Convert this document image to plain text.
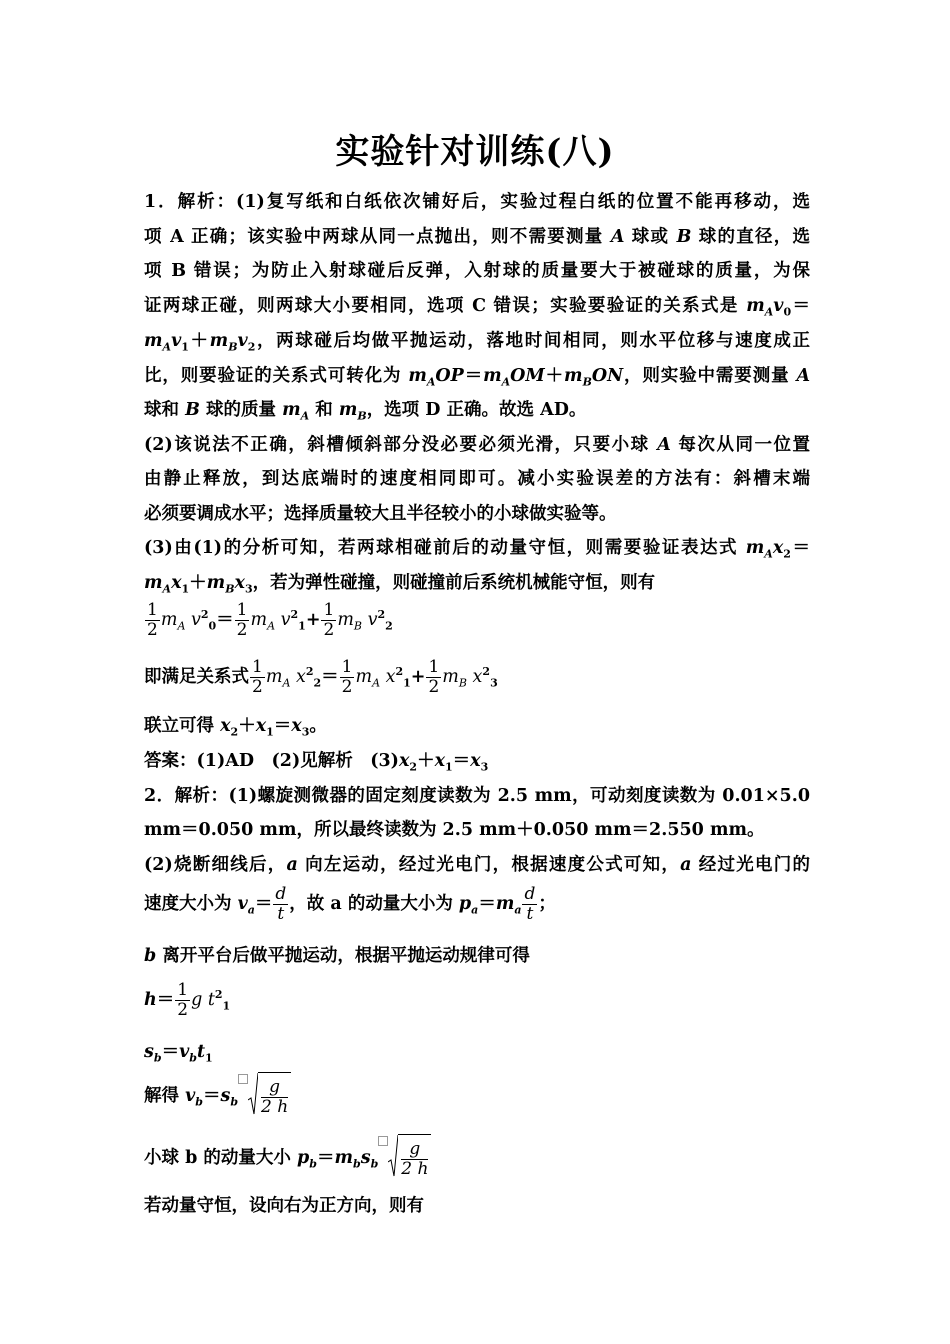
实验针对训练(八)
1．解析：(1)复写纸和白纸依次铺好后，实验过程白纸的位置不能再移动，选
项 A 正确；该实验中两球从同一点抛出，则不需要测量 A 球或 B 球的直径，选
项 B 错误；为防止入射球碰后反弹，入射球的质量要大于被碰球的质量，为保
证两球正碰，则两球大小要相同，选项 C 错误；实验要验证的关系式是 $m_Av_0=$
$m_Av_1+m_Bv_2$，两球碰后均做平抛运动，落地时间相同，则水平位移与速度成正
比，则要验证的关系式可转化为 $m_AOP=m_AOM+m_BON$，则实验中需要测量 A
球和 B 球的质量 $m_A$ 和 $m_B$，选项 D 正确。故选 AD。
(2)该说法不正确，斜槽倾斜部分没必要必须光滑，只要小球 A 每次从同一位置
由静止释放，到达底端时的速度相同即可。减小实验误差的方法有：斜槽末端
必须要调成水平；选择质量较大且半径较小的小球做实验等。
(3)由(1)的分析可知，若两球相碰前后的动量守恒，则需要验证表达式 $m_Ax_2=$
$m_Ax_1+m_Bx_3$，若为弹性碰撞，则碰撞前后系统机械能守恒，则有
$\frac{1}{2} m_A$ $v^2_0= \frac{1}{2} m_A$ $v^2_1+ \frac{1}{2} m_B$ $v^2_2$
即满足关系式 $\frac{1}{2} m_A$ $x^2_2= \frac{1}{2} m_A$ $x^2_1+ \frac{1}{2} m_B$ $x^2_3$
联立可得 $x_2+x_1=x_3$。
答案：(1)AD　(2)见解析　$(3)x_2+x_1=x_3$
2．解析：(1)螺旋测微器的固定刻度读数为 2.5 mm，可动刻度读数为 0.01×5.0
mm＝0.050 mm，所以最终读数为 2.5 mm＋0.050 mm＝2.550 mm。
(2)烧断细线后，a 向左运动，经过光电门，根据速度公式可知，a 经过光电门的
速度大小为 $v_a= \frac{d}{t}$ ，故 a 的动量大小为 $p_a=m_a \frac{d}{t}$ ；
b 离开平台后做平抛运动，根据平抛运动规律可得
$h= \frac{1}{2}$ g $t^2_1$
$s_b=v_bt_1$
解得 $v_b=s_b \frac{g}{2 h}$
小球 b 的动量大小 $p_b=m_bs_b \frac{g}{2 h}$
若动量守恒，设向右为正方向，则有
